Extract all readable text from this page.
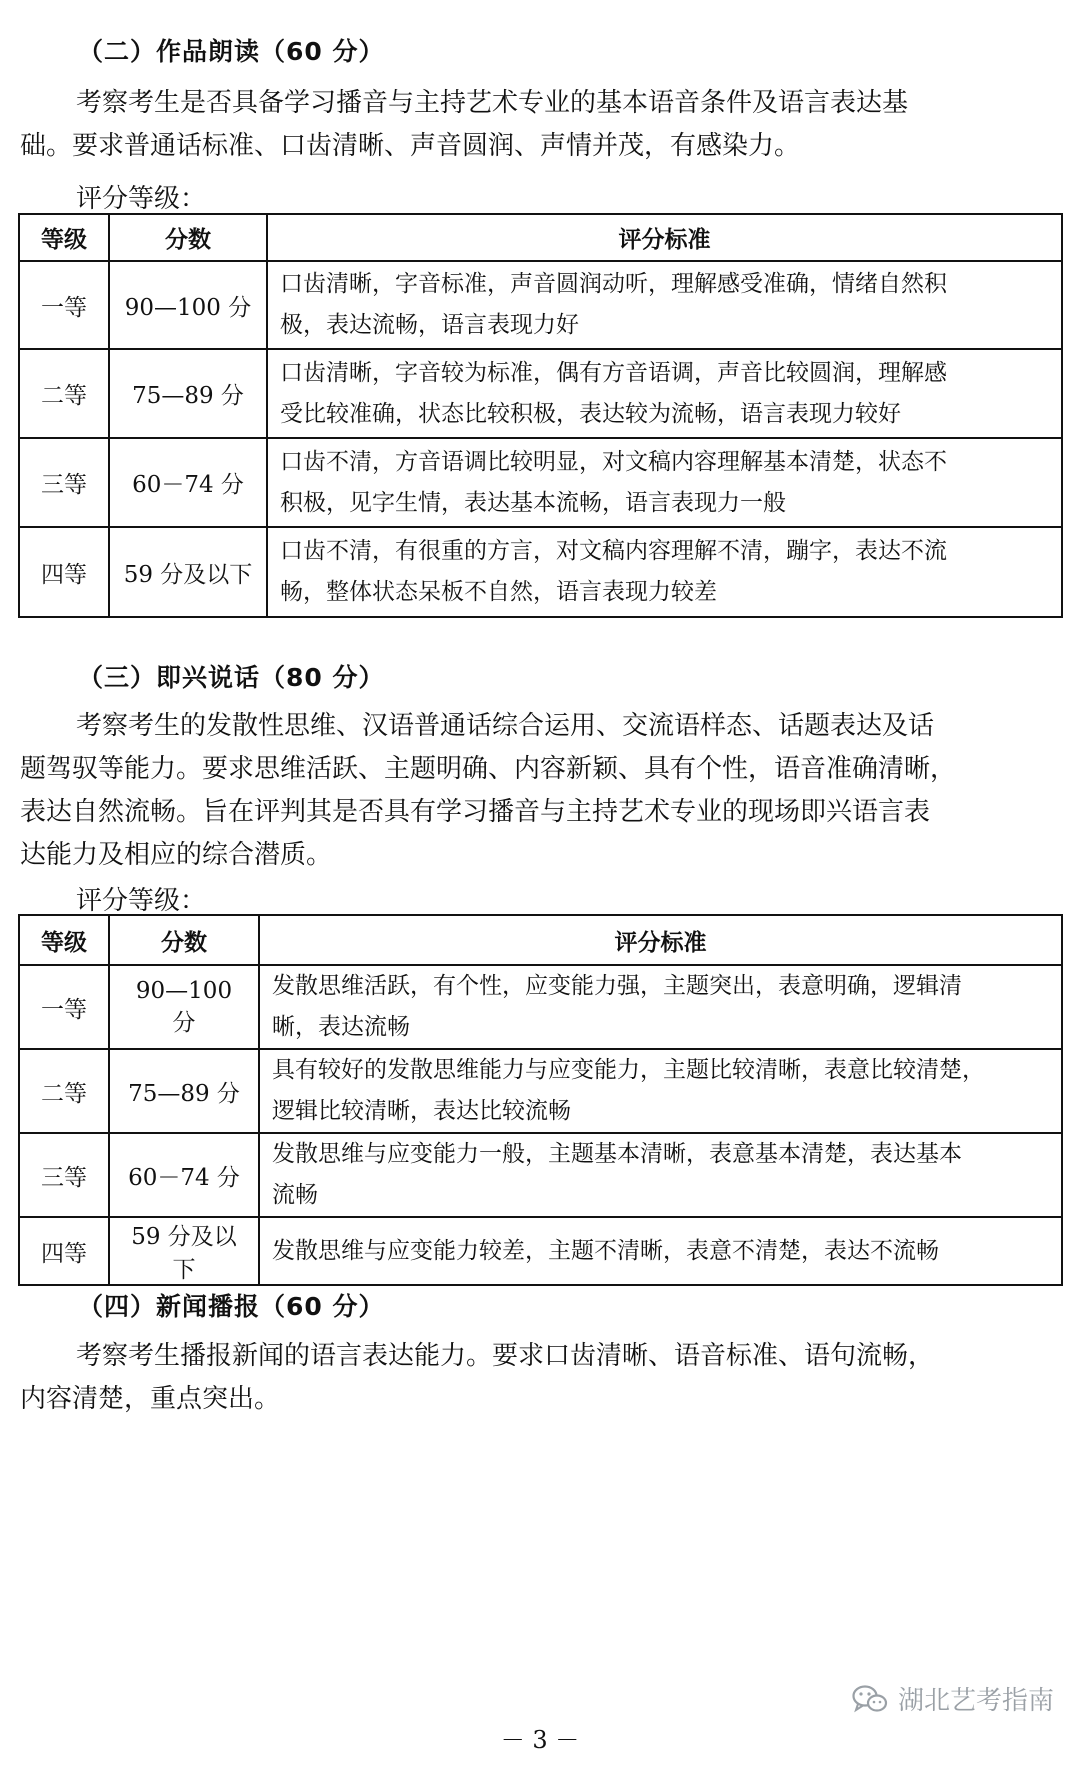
（二）作品朗读（60 分）
考察考生是否具备学习播音与主持艺术专业的基本语音条件及语言表达基
础。要求普通话标准、口齿清晰、声音圆润、声情并茂，有感染力。
评分等级：
等级	分数	评分标准
一等	90—100 分	口齿清晰，字音标准，声音圆润动听，理解感受准确，情绪自然积
极，表达流畅，语言表现力好

二等	75—89 分	口齿清晰，字音较为标准，偶有方音语调，声音比较圆润，理解感
受比较准确，状态比较积极，表达较为流畅，语言表现力较好

三等	60－74 分	口齿不清，方音语调比较明显，对文稿内容理解基本清楚，状态不
积极，见字生情，表达基本流畅，语言表现力一般

四等	59 分及以下	口齿不清，有很重的方言，对文稿内容理解不清，蹦字，表达不流
畅，整体状态呆板不自然，语言表现力较差
（三）即兴说话（80 分）
考察考生的发散性思维、汉语普通话综合运用、交流语样态、话题表达及话
题驾驭等能力。要求思维活跃、主题明确、内容新颖、具有个性，语音准确清晰，
表达自然流畅。旨在评判其是否具有学习播音与主持艺术专业的现场即兴语言表
达能力及相应的综合潜质。
评分等级：
等级	分数	评分标准
一等	90—100 分	发散思维活跃，有个性，应变能力强，主题突出，表意明确，逻辑清
晰，表达流畅

二等	75—89 分	具有较好的发散思维能力与应变能力，主题比较清晰，表意比较清楚，
逻辑比较清晰，表达比较流畅

三等	60－74 分	发散思维与应变能力一般，主题基本清晰，表意基本清楚，表达基本
流畅

四等	59 分及以下	发散思维与应变能力较差，主题不清晰，表意不清楚，表达不流畅
（四）新闻播报（60 分）
考察考生播报新闻的语言表达能力。要求口齿清晰、语音标准、语句流畅，
内容清楚，重点突出。
湖北艺考指南
－ 3 －
